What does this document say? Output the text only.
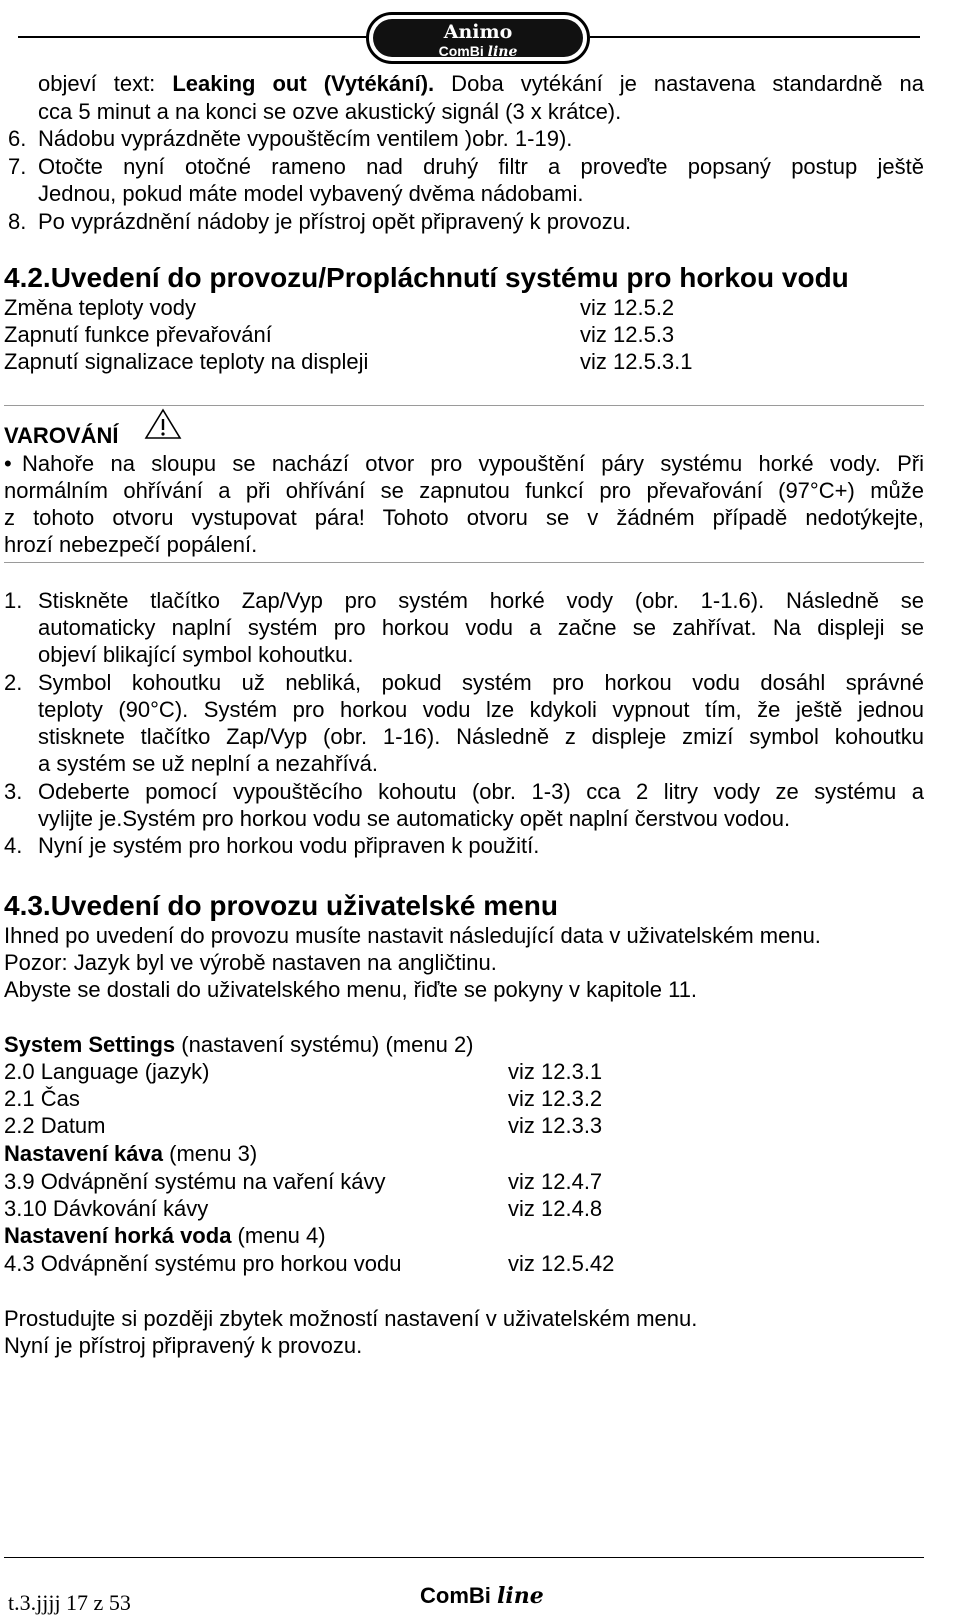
Animo
ComBi line
objeví text: Leaking out (Vytékání). Doba vytékání je nastavena standardně na
cca 5 minut a na konci se ozve akustický signál (3 x krátce).
6. Nádobu vyprázdněte vypouštěcím ventilem )obr. 1-19).
7. Otočte nyní otočné rameno nad druhý filtr a proveďte popsaný postup ještě
Jednou, pokud máte model vybavený dvěma nádobami.
8. Po vyprázdnění nádoby je přístroj opět připravený k provozu.
4.2.Uvedení do provozu/Propláchnutí systému pro horkou vodu
Změna teploty vody	viz 12.5.2
Zapnutí funkce převařování	viz 12.5.3
Zapnutí signalizace teploty na displeji	viz 12.5.3.1
VAROVÁNÍ
• Nahoře na sloupu se nachází otvor pro vypouštění páry systému horké vody. Při
normálním ohřívání a při ohřívání se zapnutou funkcí pro převařování (97°C+) může
z tohoto otvoru vystupovat pára! Tohoto otvoru se v žádném případě nedotýkejte,
hrozí nebezpečí popálení.
1. Stiskněte tlačítko Zap/Vyp pro systém horké vody (obr. 1-1.6). Následně se
automaticky naplní systém pro horkou vodu a začne se zahřívat. Na displeji se
objeví blikající symbol kohoutku.
2. Symbol kohoutku už nebliká, pokud systém pro horkou vodu dosáhl správné
teploty (90°C). Systém pro horkou vodu lze kdykoli vypnout tím, že ještě jednou
stisknete tlačítko Zap/Vyp (obr. 1-16). Následně z displeje zmizí symbol kohoutku
a systém se už neplní a nezahřívá.
3. Odeberte pomocí vypouštěcího kohoutu (obr. 1-3) cca 2 litry vody ze systému a
vylijte je.Systém pro horkou vodu se automaticky opět naplní čerstvou vodou.
4. Nyní je systém pro horkou vodu připraven k použití.
4.3.Uvedení do provozu uživatelské menu
Ihned po uvedení do provozu musíte nastavit následující data v uživatelském menu.
Pozor: Jazyk byl ve výrobě nastaven na angličtinu.
Abyste se dostali do uživatelského menu, řiďte se pokyny v kapitole 11.
System Settings (nastavení systému) (menu 2)
2.0 Language (jazyk)	viz 12.3.1
2.1 Čas	viz 12.3.2
2.2 Datum	viz 12.3.3
Nastavení káva (menu 3)
3.9 Odvápnění systému na vaření kávy	viz 12.4.7
3.10 Dávkování kávy	viz 12.4.8
Nastavení horká voda (menu 4)
4.3 Odvápnění systému pro horkou vodu	viz 12.5.42
Prostudujte si později zbytek možností nastavení v uživatelském menu.
Nyní je přístroj připravený k provozu.
t.3.jjjj 17 z 53	ComBi line
